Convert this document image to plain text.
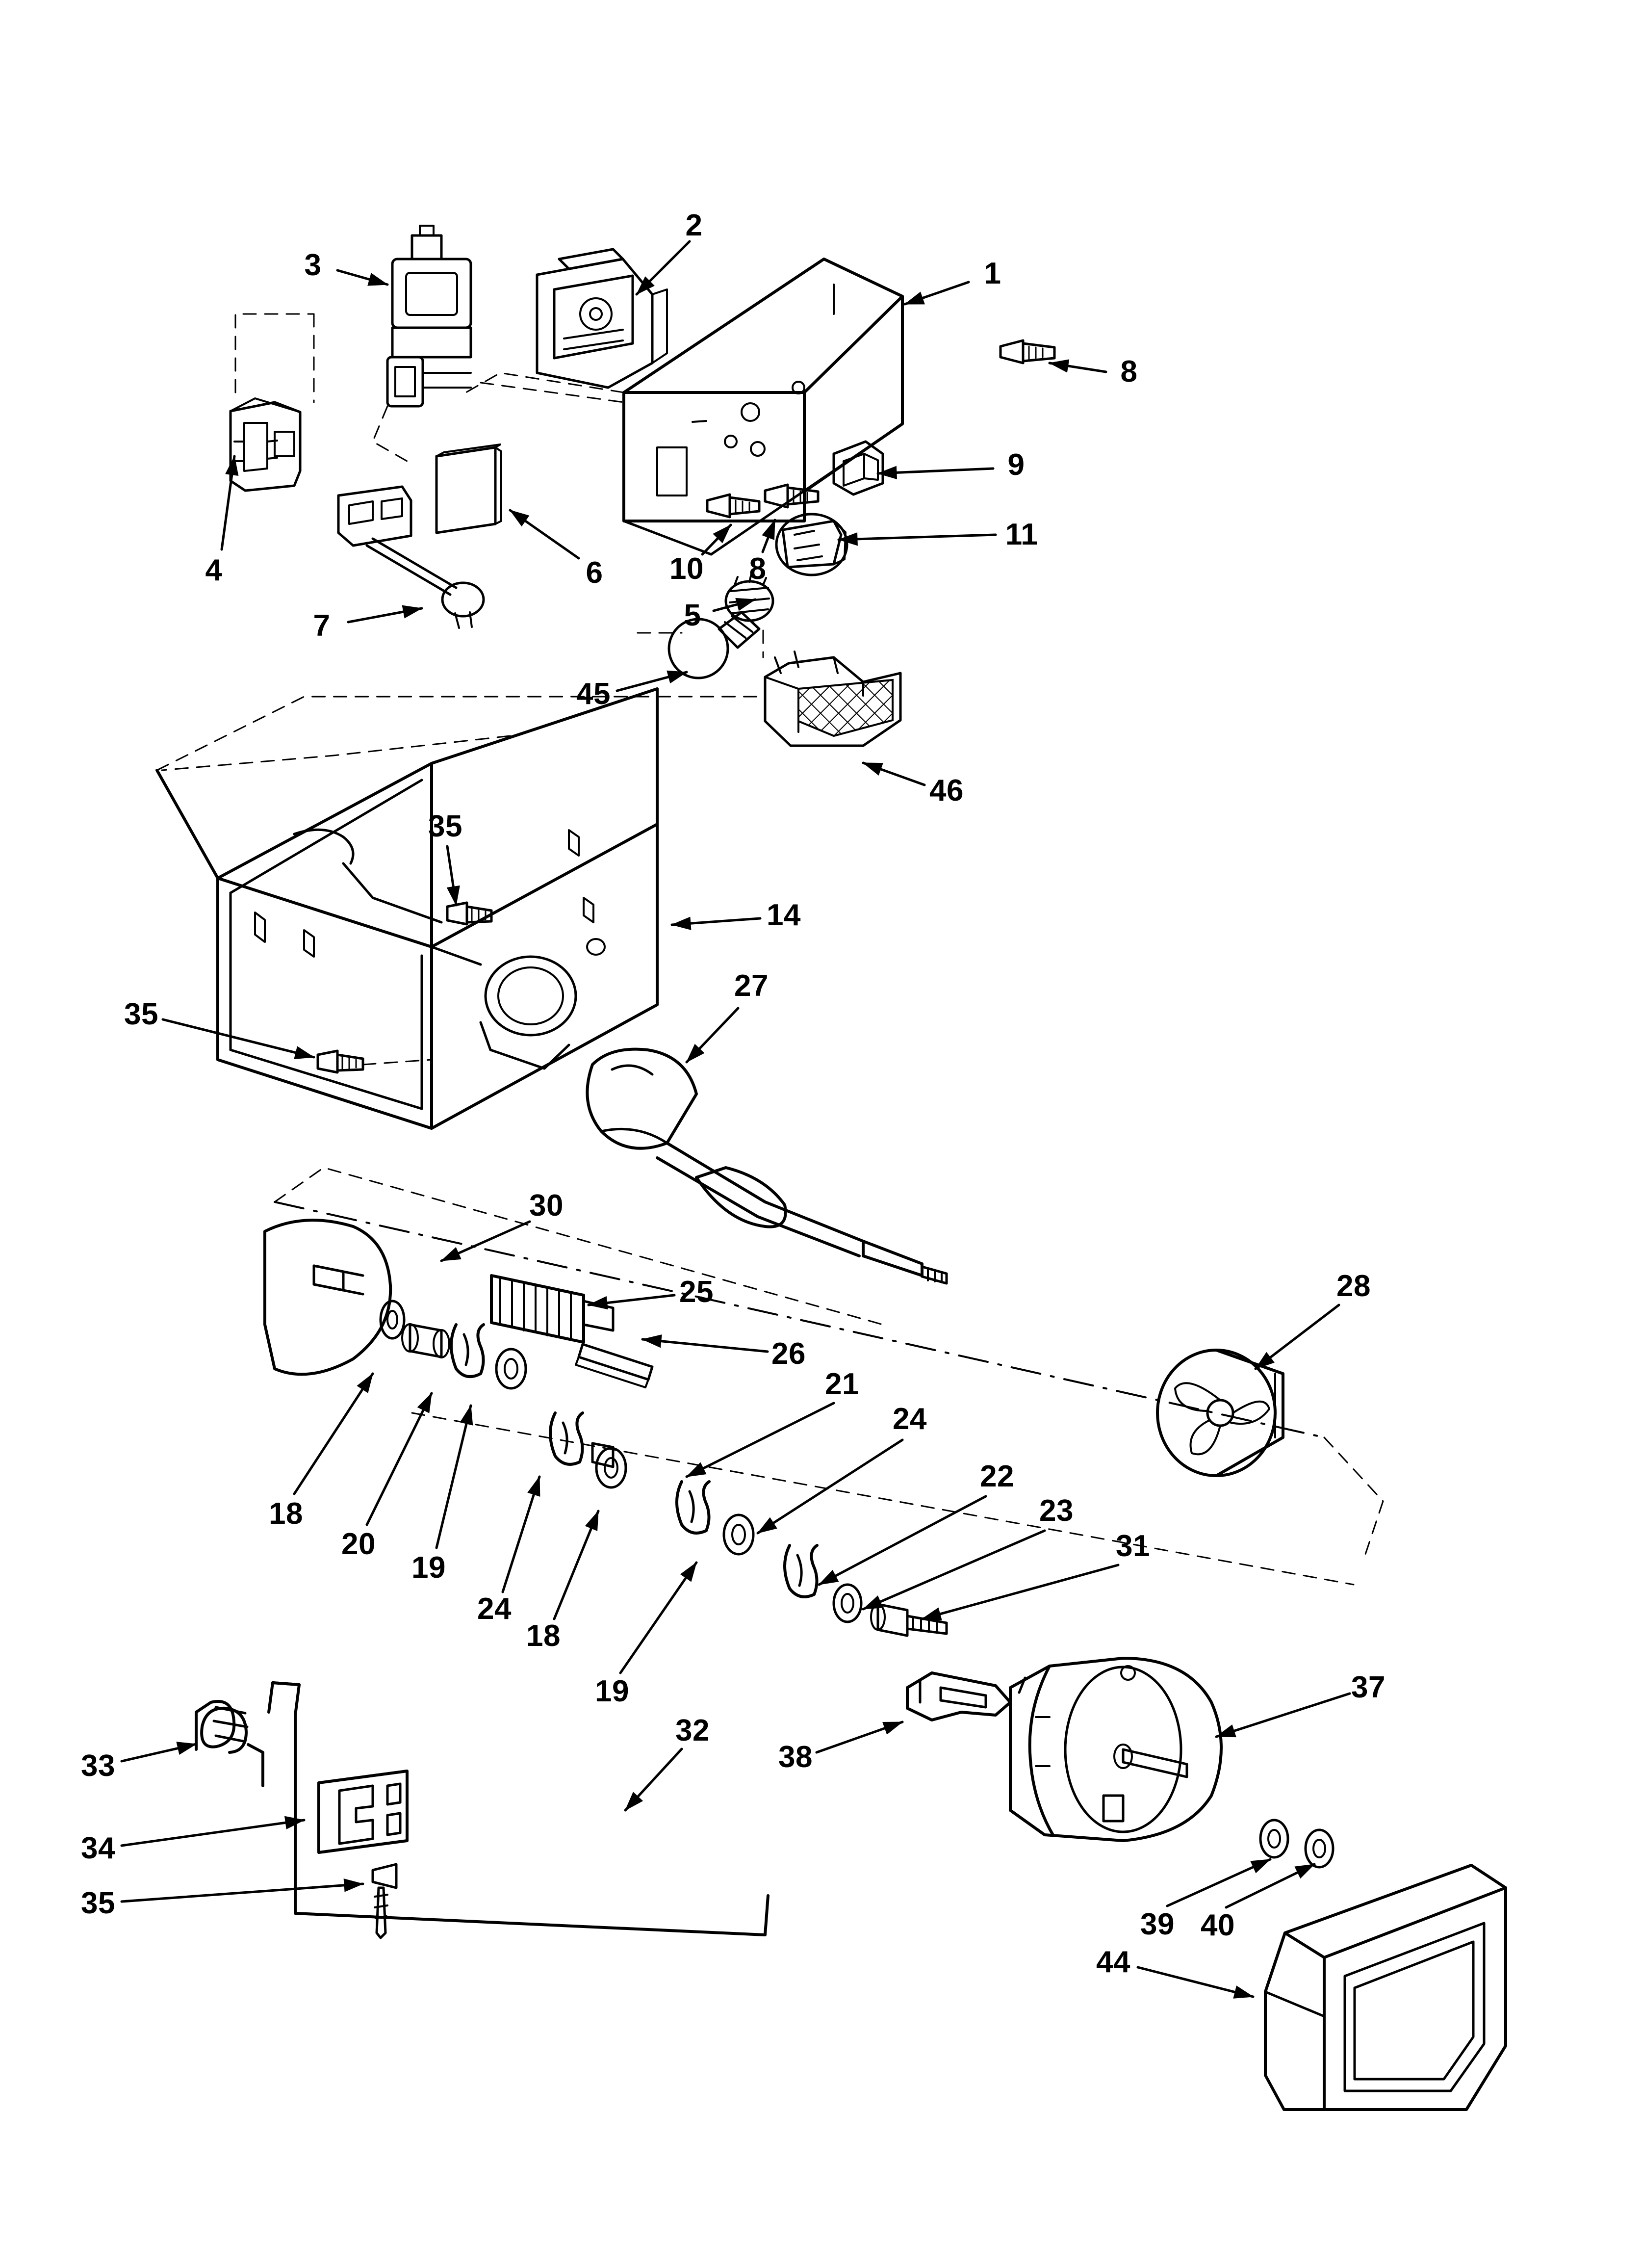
1
2
3
4
5
6
7
8
8
9
10
11
14
18
18
19
19
20
21
22
23
24
24
25
26
27
28
30
31
32
33
34
35
35
35
37
38
39 40
44
45
46
